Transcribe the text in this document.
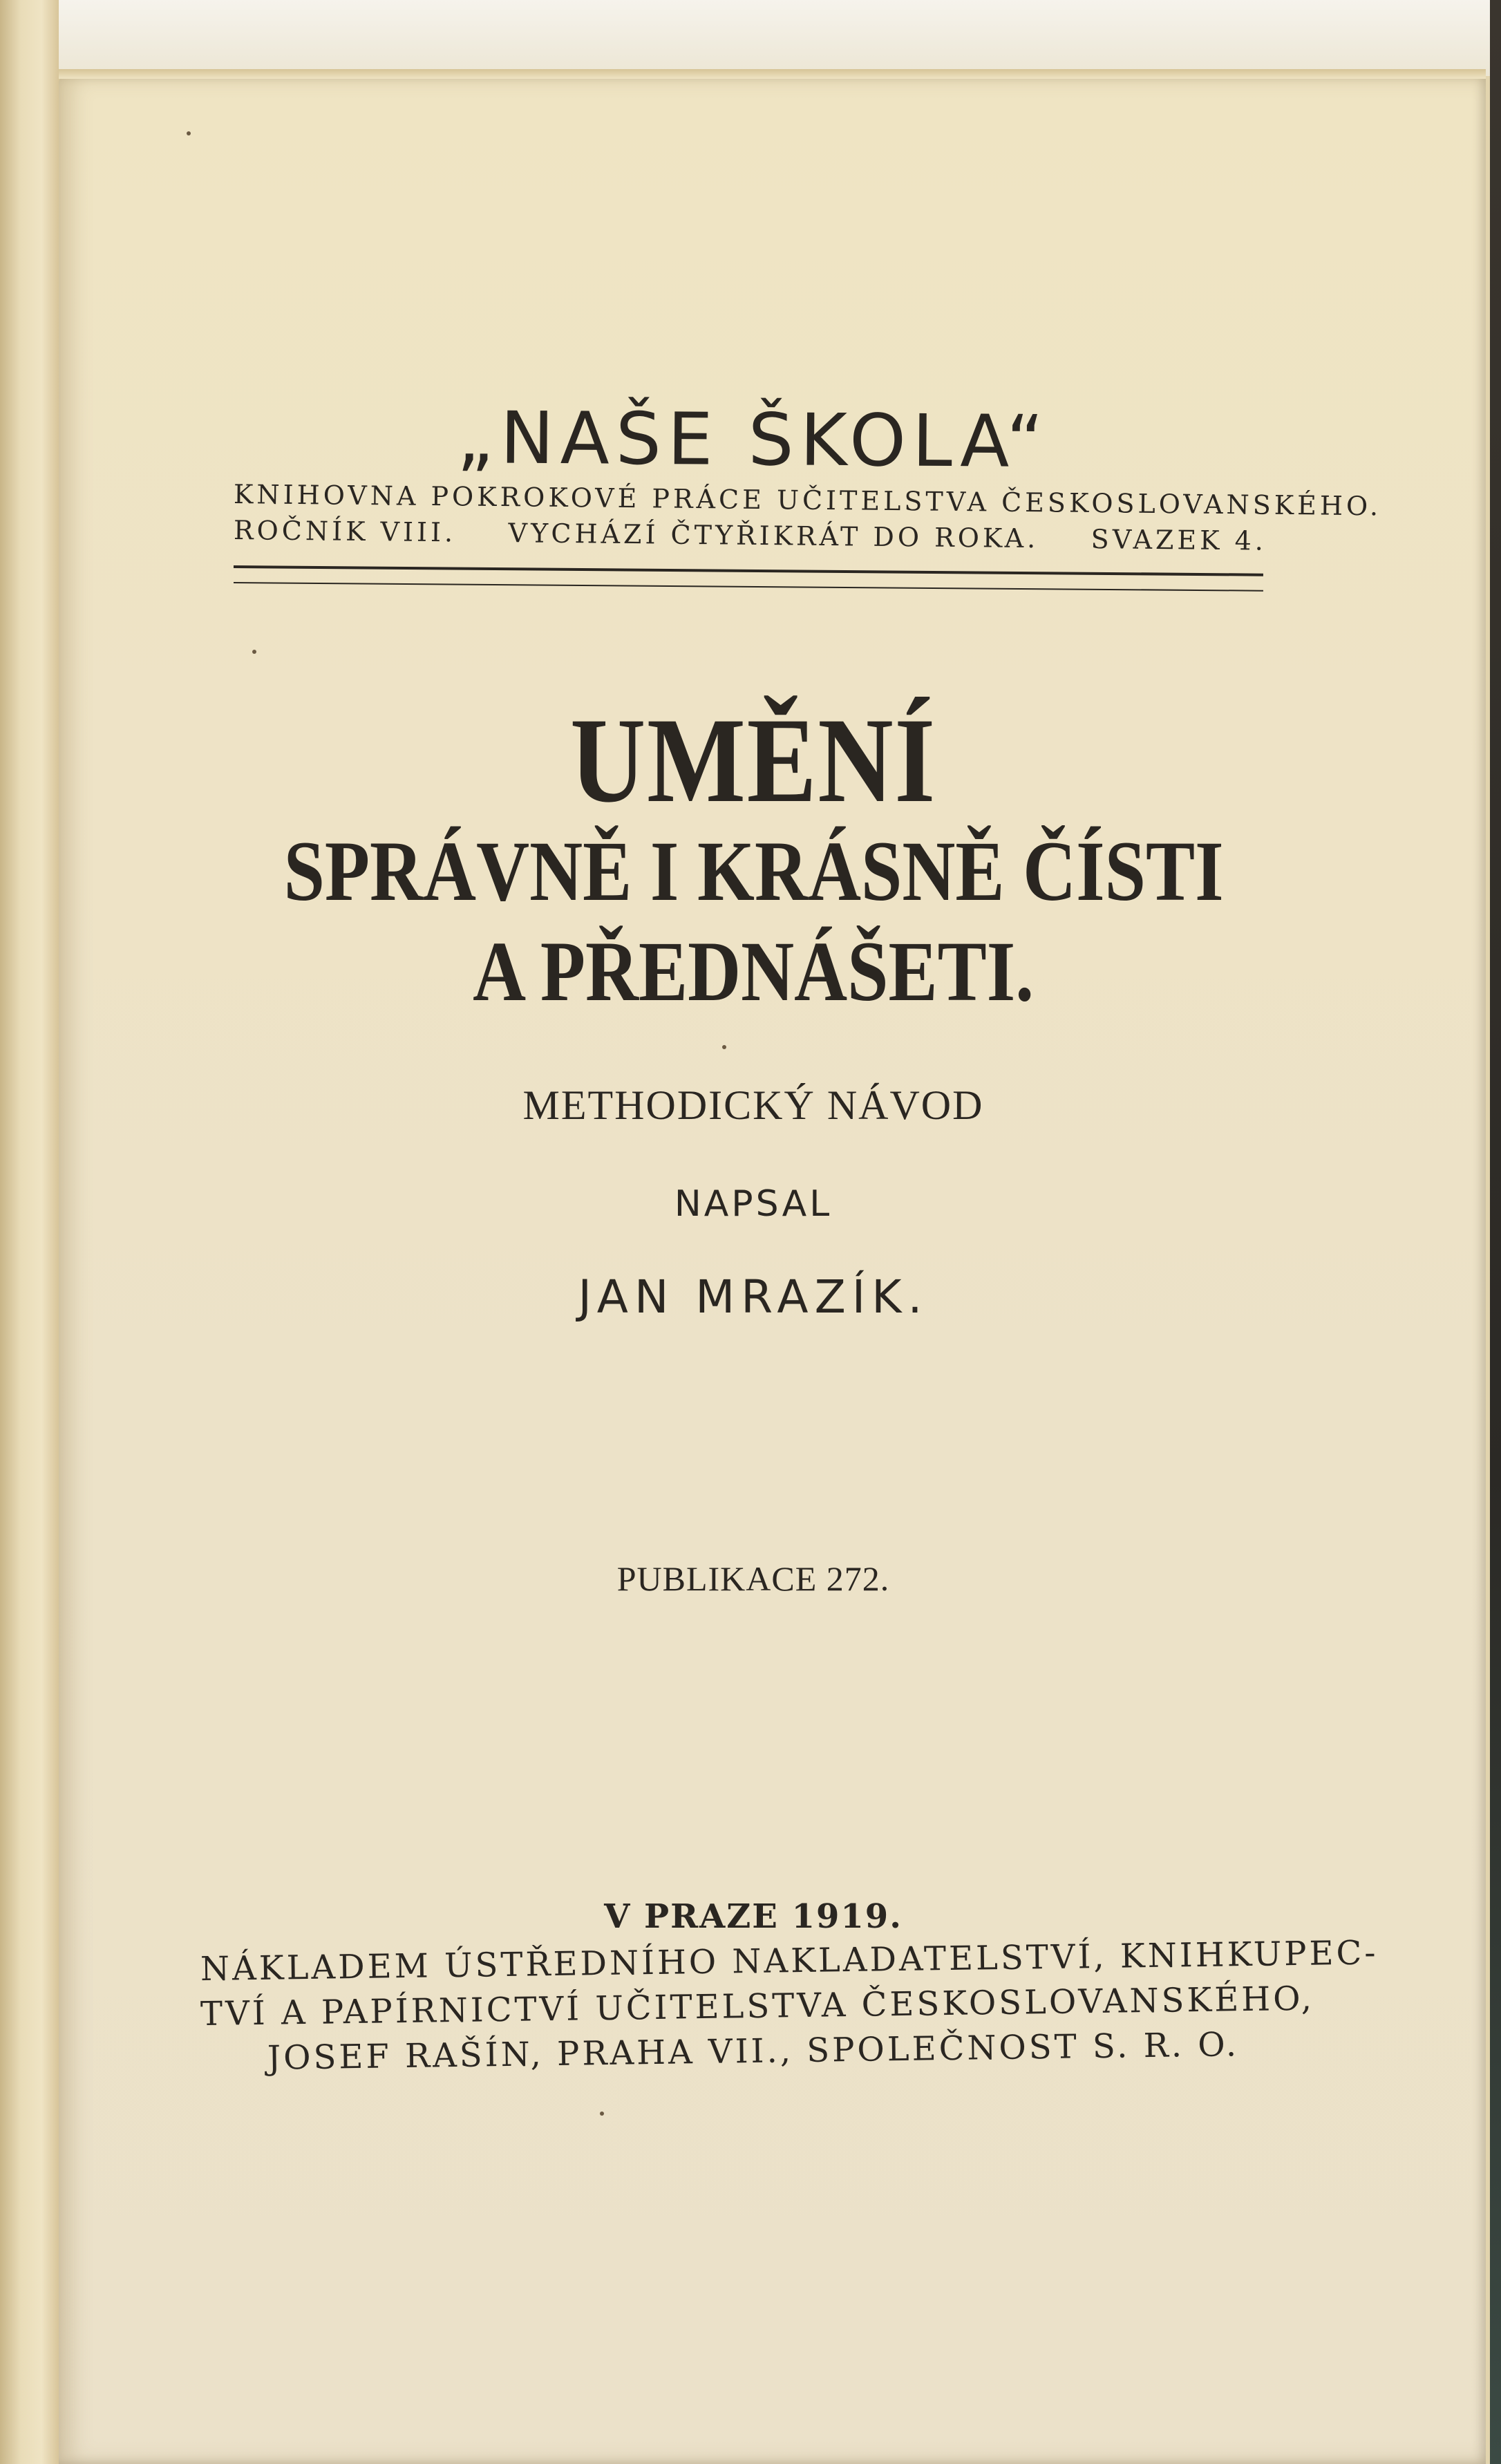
„NAŠE ŠKOLA“
KNIHOVNA POKROKOVÉ PRÁCE UČITELSTVA ČESKOSLOVANSKÉHO.
ROČNÍK VIII. VYCHÁZÍ ČTYŘIKRÁT DO ROKA. SVAZEK 4.
UMĚNÍ
SPRÁVNĚ I KRÁSNĚ ČÍSTI
A PŘEDNÁŠETI.
METHODICKÝ NÁVOD
NAPSAL
JAN MRAZÍK.
PUBLIKACE 272.
V PRAZE 1919.
NÁKLADEM ÚSTŘEDNÍHO NAKLADATELSTVÍ, KNIHKUPEC-
TVÍ A PAPÍRNICTVÍ UČITELSTVA ČESKOSLOVANSKÉHO,
JOSEF RAŠÍN, PRAHA VII., SPOLEČNOST S. R. O.
